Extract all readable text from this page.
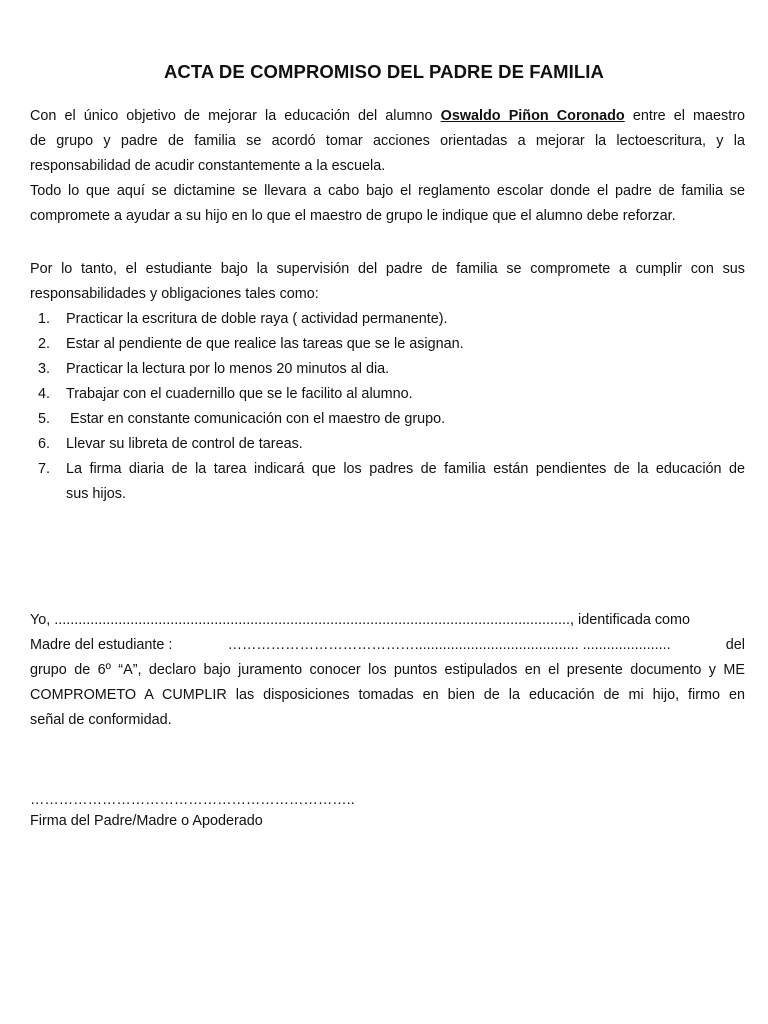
ACTA DE COMPROMISO DEL PADRE DE FAMILIA
Con el único objetivo de mejorar la educación del alumno Oswaldo Piñon Coronado entre el maestro
de grupo y padre de familia se acordó tomar acciones orientadas a mejorar la lectoescritura, y la
responsabilidad de acudir constantemente a la escuela.
Todo lo que aquí se dictamine se llevara a cabo bajo el reglamento escolar donde el padre de familia se
compromete a ayudar a su hijo en lo que el maestro de grupo le indique que el alumno debe reforzar.
Por lo tanto, el estudiante bajo la supervisión del padre de familia se compromete a cumplir con sus
responsabilidades y obligaciones tales como:
1. Practicar la escritura de doble raya ( actividad permanente).
2. Estar al pendiente de que realice las tareas que se le asignan.
3. Practicar la lectura por lo menos 20 minutos al dia.
4. Trabajar con el cuadernillo que se le facilito al alumno.
5. Estar en constante comunicación con el maestro de grupo.
6. Llevar su libreta de control de tareas.
7. La firma diaria de la tarea indicará que los padres de familia están pendientes de la educación de
sus hijos.
Yo, ................................................................................................................................., identificada como
Madre del estudiante :	…………………………………......................................... ......................	del
grupo de 6º “A”, declaro bajo juramento conocer los puntos estipulados en el presente documento y ME
COMPROMETO A CUMPLIR las disposiciones tomadas en bien de la educación de mi hijo, firmo en
señal de conformidad.
…………………………………………………………..
Firma del Padre/Madre o Apoderado
